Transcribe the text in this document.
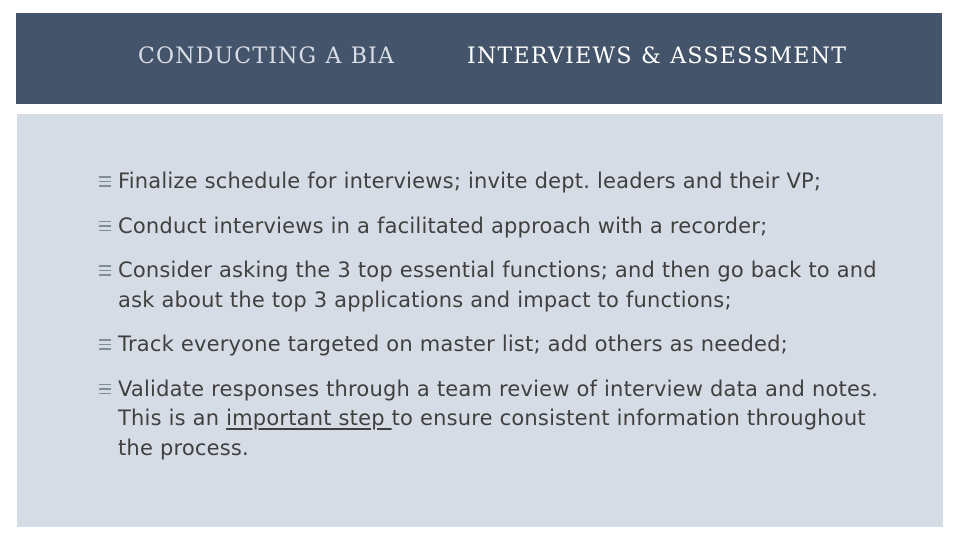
CONDUCTING A BIA	INTERVIEWS & ASSESSMENT
Finalize schedule for interviews; invite dept. leaders and their VP;
Conduct interviews in a facilitated approach with a recorder;
Consider asking the 3 top essential functions; and then go back to and ask about the top 3 applications and impact to functions;
Track everyone targeted on master list; add others as needed;
Validate responses through a team review of interview data and notes. This is an important step to ensure consistent information throughout the process.
